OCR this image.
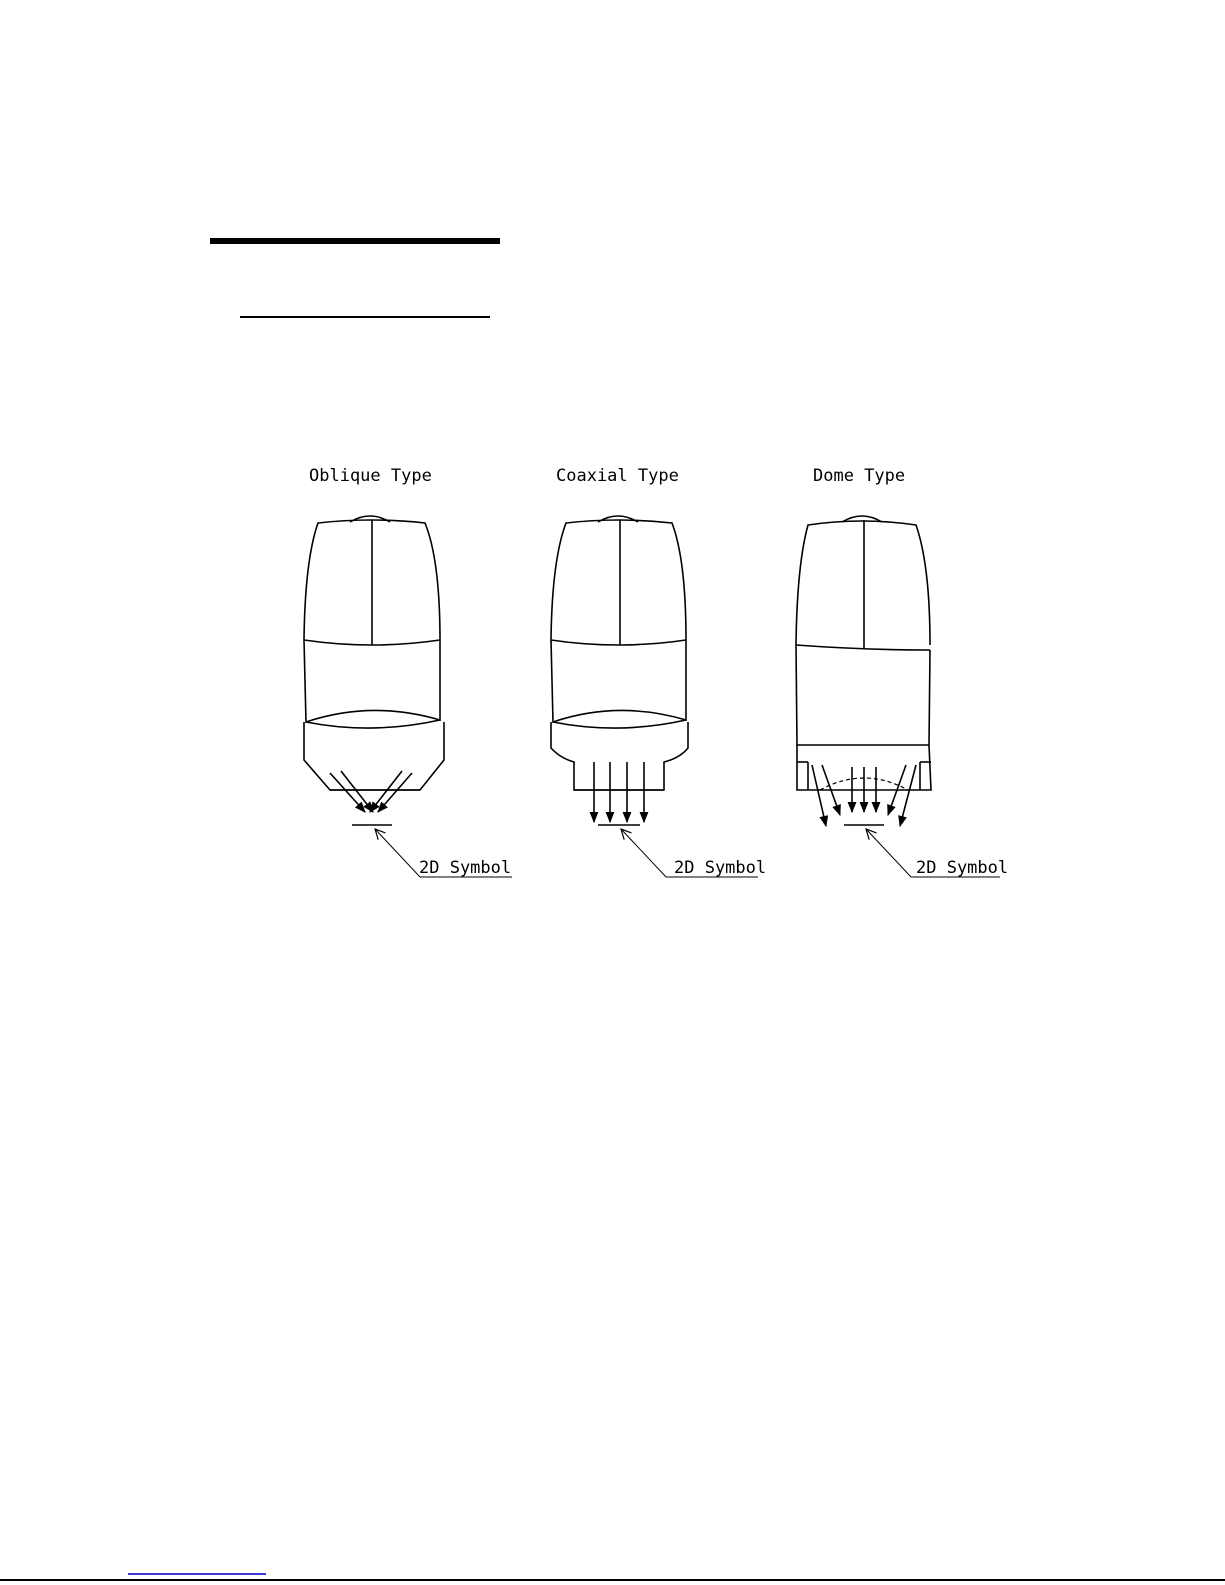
Oblique Type
2D Symbol
Coaxial Type
2D Symbol
Dome Type
2D Symbol
